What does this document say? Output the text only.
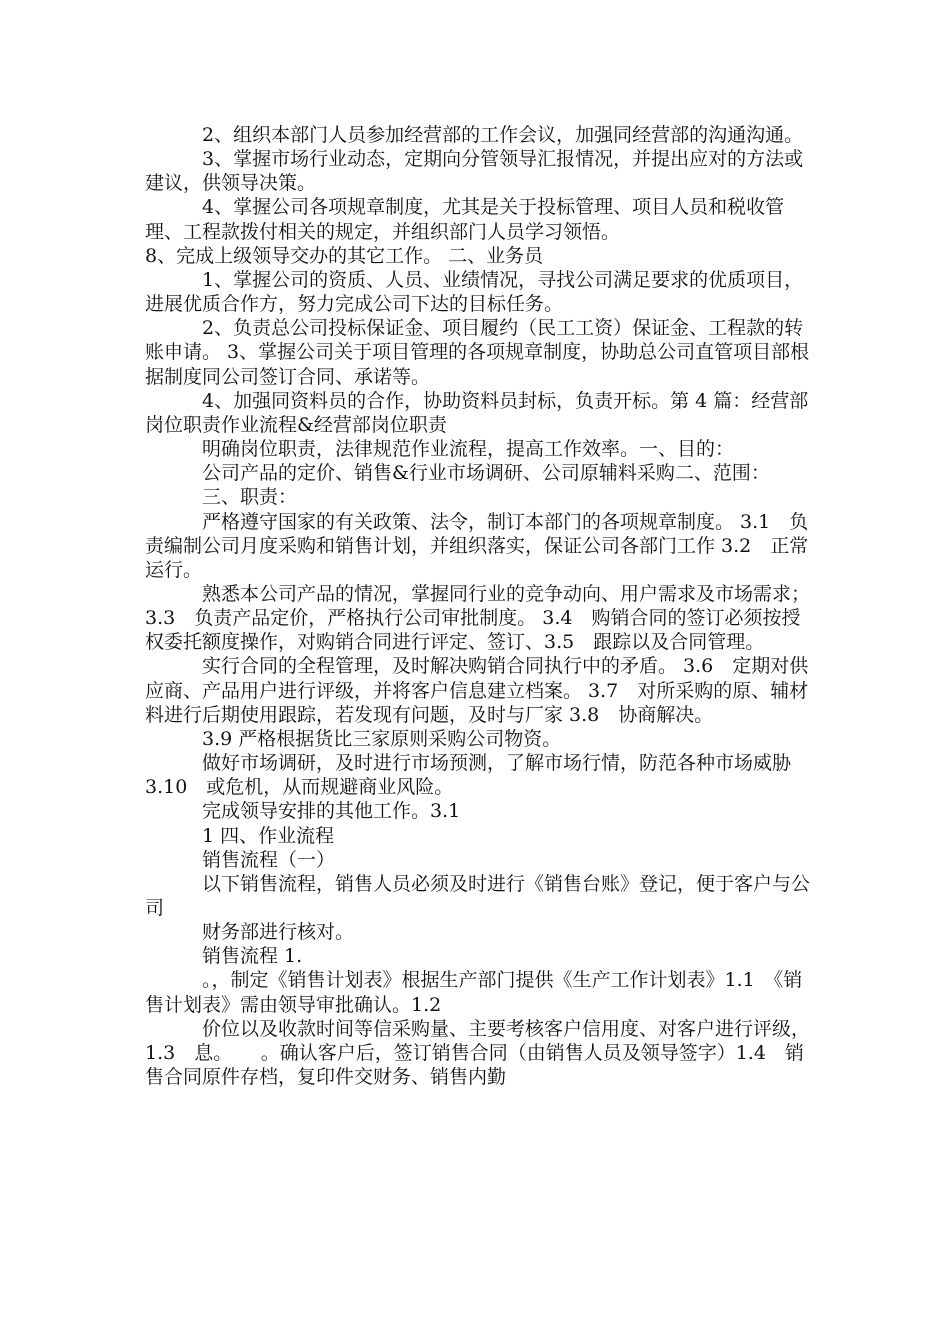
2、组织本部门人员参加经营部的工作会议，加强同经营部的沟通沟通。

3、掌握市场行业动态，定期向分管领导汇报情况，并提出应对的方法或建议，供领导决策。

4、掌握公司各项规章制度，尤其是关于投标管理、项目人员和税收管理、工程款拨付相关的规定，并组织部门人员学习领悟。

8、完成上级领导交办的其它工作。 二、业务员

1、掌握公司的资质、人员、业绩情况，寻找公司满足要求的优质项目，进展优质合作方，努力完成公司下达的目标任务。

2、负责总公司投标保证金、项目履约（民工工资）保证金、工程款的转账申请。 3、掌握公司关于项目管理的各项规章制度，协助总公司直管项目部根据制度同公司签订合同、承诺等。

4、加强同资料员的合作，协助资料员封标，负责开标。第 4 篇：经营部岗位职责作业流程&经营部岗位职责

明确岗位职责，法律规范作业流程，提高工作效率。一、目的：

公司产品的定价、销售&行业市场调研、公司原辅料采购二、范围：

三、职责：

严格遵守国家的有关政策、法令，制订本部门的各项规章制度。 3.1　负责编制公司月度采购和销售计划，并组织落实，保证公司各部门工作 3.2　正常运行。

熟悉本公司产品的情况，掌握同行业的竞争动向、用户需求及市场需求；　3.3　负责产品定价，严格执行公司审批制度。 3.4　购销合同的签订必须按授权委托额度操作，对购销合同进行评定、签订、3.5　跟踪以及合同管理。

实行合同的全程管理，及时解决购销合同执行中的矛盾。 3.6　定期对供应商、产品用户进行评级，并将客户信息建立档案。 3.7　对所采购的原、辅材料进行后期使用跟踪，若发现有问题，及时与厂家 3.8　协商解决。

3.9 严格根据货比三家原则采购公司物资。

做好市场调研，及时进行市场预测，了解市场行情，防范各种市场威胁 3.10　或危机，从而规避商业风险。

完成领导安排的其他工作。3.1

1 四、作业流程

销售流程（一）

以下销售流程，销售人员必须及时进行《销售台账》登记，便于客户与公司

财务部进行核对。

销售流程 1.

。，制定《销售计划表》根据生产部门提供《生产工作计划表》1.1　《销售计划表》需由领导审批确认。1.2

价位以及收款时间等信采购量、主要考核客户信用度、对客户进行评级，1.3　息。　　。确认客户后，签订销售合同（由销售人员及领导签字）1.4　销售合同原件存档，复印件交财务、销售内勤
